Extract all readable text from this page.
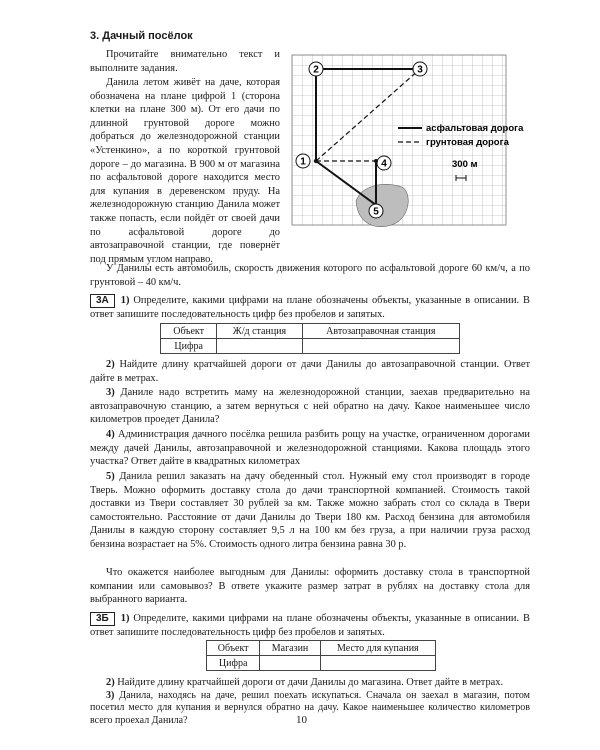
3. Дачный посёлок
Прочитайте внимательно текст и выполните задания.
Данила летом живёт на даче, которая обозначена на плане цифрой 1 (сторона клетки на плане 300 м). От его дачи по длинной грунтовой дороге можно добраться до железнодорожной станции «Устенкино», а по короткой грунтовой дороге – до магазина. В 900 м от магазина по асфальтовой дороге находится место для купания в деревенском пруду. На железнодорожную станцию Данила может также попасть, если пойдёт от своей дачи по асфальтовой дороге до автозаправочной станции, где повернёт под прямым углом направо.
2	3
1	4
5
асфальтовая дорога
грунтовая дорога
300 м
У Данилы есть автомобиль, скорость движения которого по асфальтовой дороге 60 км/ч, а по грунтовой – 40 км/ч.
3А 1) Определите, какими цифрами на плане обозначены объекты, указанные в описании. В ответ запишите последовательность цифр без пробелов и запятых.
Объект	Ж/д станция	Автозаправочная станция
Цифра		
2) Найдите длину кратчайшей дороги от дачи Данилы до автозаправочной станции. Ответ дайте в метрах.
3) Даниле надо встретить маму на железнодорожной станции, заехав предварительно на автозаправочную станцию, а затем вернуться с ней обратно на дачу. Какое наименьшее число километров проедет Данила?
4) Администрация дачного посёлка решила разбить рощу на участке, ограниченном дорогами между дачей Данилы, автозаправочной и железнодорожной станциями. Какова площадь этого участка? Ответ дайте в квадратных километрах
5) Данила решил заказать на дачу обеденный стол. Нужный ему стол производят в городе Тверь. Можно оформить доставку стола до дачи транспортной компанией. Стоимость такой доставки из Твери составляет 30 рублей за км. Также можно забрать стол со склада в Твери самостоятельно. Расстояние от дачи Данилы до Твери 180 км. Расход бензина для автомобиля Данилы в каждую сторону составляет 9,5 л на 100 км без груза, а при наличии груза расход бензина возрастает на 5%. Стоимость одного литра бензина равна 30 р.
Что окажется наиболее выгодным для Данилы: оформить доставку стола в транспортной компании или самовывоз? В ответе укажите размер затрат в рублях на доставку стола для выбранного варианта.
3Б 1) Определите, какими цифрами на плане обозначены объекты, указанные в описании. В ответ запишите последовательность цифр без пробелов и запятых.
Объект	Магазин	Место для купания
Цифра		
2) Найдите длину кратчайшей дороги от дачи Данилы до магазина. Ответ дайте в метрах.
3) Данила, находясь на даче, решил поехать искупаться. Сначала он заехал в магазин, потом посетил место для купания и вернулся обратно на дачу. Какое наименьшее количество километров всего проехал Данила?	10
